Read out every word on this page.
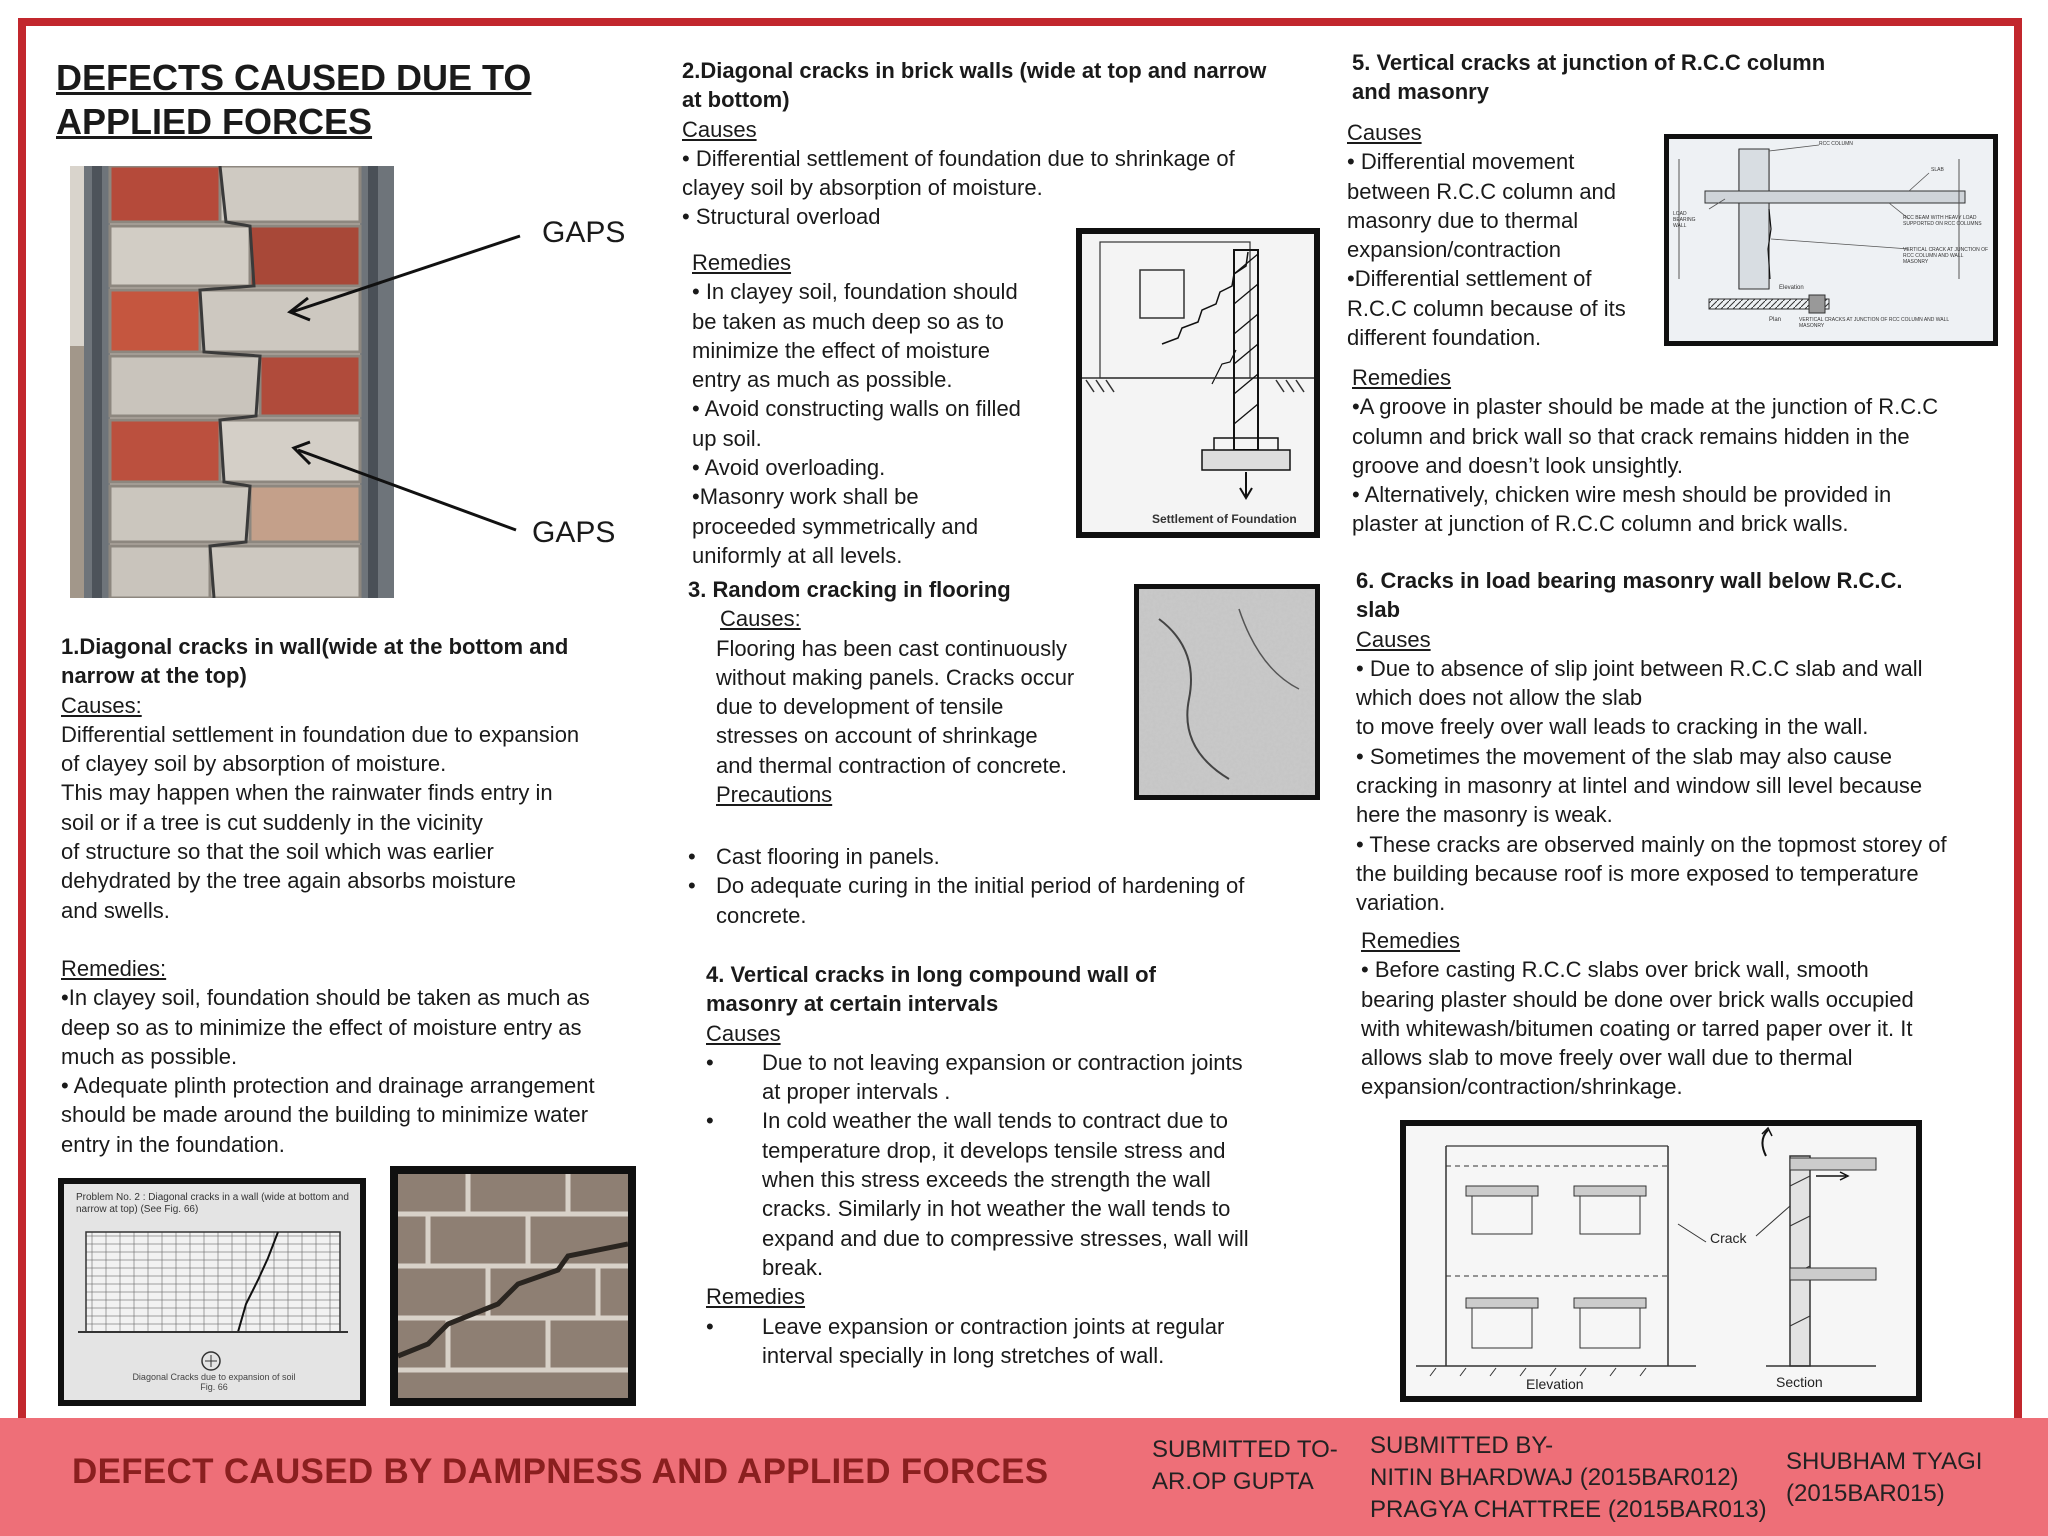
DEFECTS CAUSED DUE TO
APPLIED FORCES
GAPS
GAPS

1.Diagonal cracks in wall(wide at the bottom and
narrow at the top)

Causes:

Differential settlement in foundation due to expansion
of clayey soil by absorption of moisture.
This may happen when the rainwater finds entry in
soil or if a tree is cut suddenly in the vicinity
of structure so that the soil which was earlier
dehydrated by the tree again absorbs moisture
and swells.

Remedies:

•In clayey soil, foundation should be taken as much as
deep so as to minimize the effect of moisture entry as
much as possible.
• Adequate plinth protection and drainage arrangement
should be made around the building to minimize water
entry in the foundation.

Problem No. 2 : Diagonal cracks in a wall (wide at bottom and narrow at top) (See Fig. 66)
Diagonal Cracks due to expansion of soil
Fig. 66

2.Diagonal cracks in brick walls (wide at top and narrow
at bottom)

Causes

• Differential settlement of foundation due to shrinkage of
clayey soil by absorption of moisture.
• Structural overload

Remedies

• In clayey soil, foundation should
be taken as much deep so as to
minimize the effect of moisture
entry as much as possible.
• Avoid constructing walls on filled
up soil.
• Avoid overloading.
•Masonry work shall be
proceeded symmetrically and
uniformly at all levels.

Settlement of Foundation

3. Random cracking in flooring

Causes:

Flooring has been cast continuously
without making panels. Cracks occur
due to development of tensile
stresses on account of shrinkage
and thermal contraction of concrete.

Precautions

• Cast flooring in panels.
• Do adequate curing in the initial period of hardening of
concrete.

4. Vertical cracks in long compound wall of
masonry at certain intervals

Causes

• Due to not leaving expansion or contraction joints
at proper intervals .
• In cold weather the wall tends to contract due to
temperature drop, it develops tensile stress and
when this stress exceeds the strength the wall
cracks. Similarly in hot weather the wall tends to
expand and due to compressive stresses, wall will
break.

Remedies

• Leave expansion or contraction joints at regular
interval specially in long stretches of wall.

5. Vertical cracks at junction of R.C.C column
and masonry

Causes

• Differential movement
between R.C.C column and
masonry due to thermal
expansion/contraction
•Differential settlement of
R.C.C column because of its
different foundation.

RCC COLUMN
SLAB
LOAD BEARING WALL
RCC BEAM WITH HEAVY LOAD SUPPORTED ON RCC COLUMNS
VERTICAL CRACK AT JUNCTION OF RCC COLUMN AND WALL MASONRY
Elevation
Plan	VERTICAL CRACKS AT JUNCTION OF RCC COLUMN AND WALL MASONRY

Remedies

•A groove in plaster should be made at the junction of R.C.C
column and brick wall so that crack remains hidden in the
groove and doesn’t look unsightly.
• Alternatively, chicken wire mesh should be provided in
plaster at junction of R.C.C column and brick walls.

6. Cracks in load bearing masonry wall below R.C.C.
slab

Causes

• Due to absence of slip joint between R.C.C slab and wall
which does not allow the slab
to move freely over wall leads to cracking in the wall.
• Sometimes the movement of the slab may also cause
cracking in masonry at lintel and window sill level because
here the masonry is weak.
• These cracks are observed mainly on the topmost storey of
the building because roof is more exposed to temperature
variation.

Remedies

• Before casting R.C.C slabs over brick wall, smooth
bearing plaster should be done over brick walls occupied
with whitewash/bitumen coating or tarred paper over it. It
allows slab to move freely over wall due to thermal
expansion/contraction/shrinkage.

Crack
Elevation	Section
DEFECT CAUSED BY DAMPNESS AND APPLIED FORCES
SUBMITTED TO-
AR.OP GUPTA
SUBMITTED BY-
NITIN BHARDWAJ (2015BAR012)
PRAGYA CHATTREE (2015BAR013)
SHUBHAM TYAGI
(2015BAR015)
